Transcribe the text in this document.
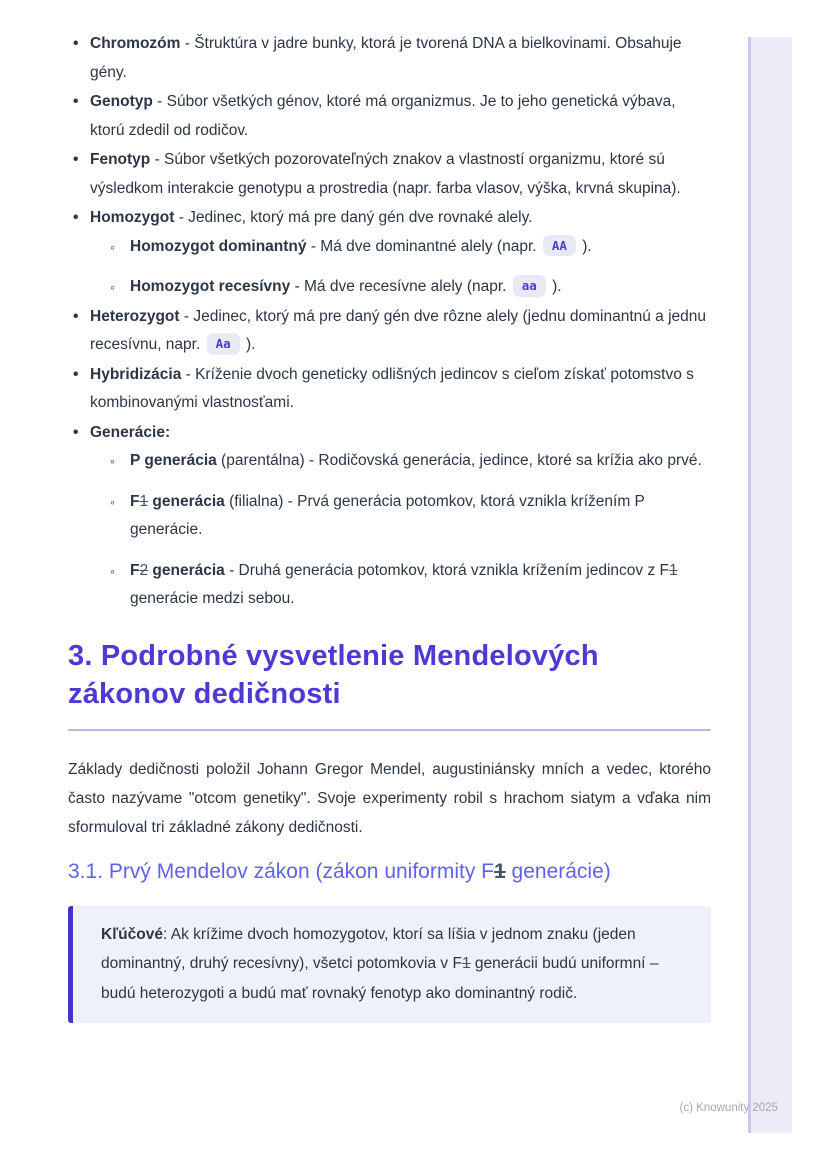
• Chromozóm - Štruktúra v jadre bunky, ktorá je tvorená DNA a bielkovinami. Obsahuje gény.
• Genotyp - Súbor všetkých génov, ktoré má organizmus. Je to jeho genetická výbava, ktorú zdedil od rodičov.
• Fenotyp - Súbor všetkých pozorovateľných znakov a vlastností organizmu, ktoré sú výsledkom interakcie genotypu a prostredia (napr. farba vlasov, výška, krvná skupina).
• Homozygot - Jedinec, ktorý má pre daný gén dve rovnaké alely.
◦ Homozygot dominantný - Má dve dominantné alely (napr. AA ).
◦ Homozygot recesívny - Má dve recesívne alely (napr. aa ).
• Heterozygot - Jedinec, ktorý má pre daný gén dve rôzne alely (jednu dominantnú a jednu recesívnu, napr. Aa ).
• Hybridizácia - Kríženie dvoch geneticky odlišných jedincov s cieľom získať potomstvo s kombinovanými vlastnosťami.
• Generácie:
◦ P generácia (parentálna) - Rodičovská generácia, jedince, ktoré sa krížia ako prvé.
◦ F1 generácia (filialna) - Prvá generácia potomkov, ktorá vznikla krížením P generácie.
◦ F2 generácia - Druhá generácia potomkov, ktorá vznikla krížením jedincov z F1 generácie medzi sebou.
3. Podrobné vysvetlenie Mendelových zákonov dedičnosti

Základy dedičnosti položil Johann Gregor Mendel, augustiniánsky mních a vedec, ktorého často nazývame "otcom genetiky". Svoje experimenty robil s hrachom siatym a vďaka nim sformuloval tri základné zákony dedičnosti.

3.1. Prvý Mendelov zákon (zákon uniformity F1 generácie)

Kľúčové: Ak krížime dvoch homozygotov, ktorí sa líšia v jednom znaku (jeden dominantný, druhý recesívny), všetci potomkovia v F1 generácii budú uniformní – budú heterozygoti a budú mať rovnaký fenotyp ako dominantný rodič.

(c) Knowunity 2025
